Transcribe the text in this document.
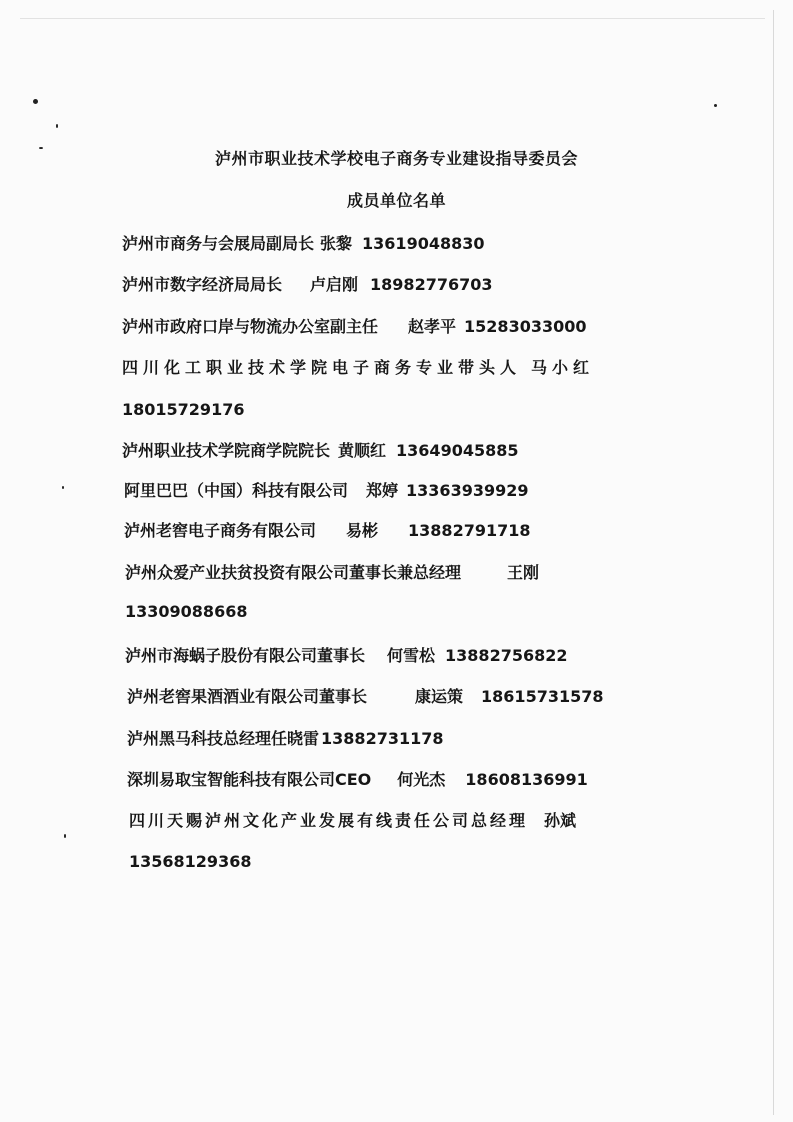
泸州市职业技术学校电子商务专业建设指导委员会
成员单位名单
泸州市商务与会展局副局长 张黎 13619048830
泸州市数字经济局局长 卢启刚 18982776703
泸州市政府口岸与物流办公室副主任 赵孝平 15283033000
四川化工职业技术学院电子商务专业带头人 马小红
18015729176
泸州职业技术学院商学院院长 黄顺红 13649045885
阿里巴巴（中国）科技有限公司 郑婷 13363939929
泸州老窖电子商务有限公司 易彬 13882791718
泸州众爱产业扶贫投资有限公司董事长兼总经理	王刚
13309088668
泸州市海蜗子股份有限公司董事长 何雪松 13882756822
泸州老窖果酒酒业有限公司董事长	康运策 18615731578
泸州黑马科技总经理任晓雷 13882731178
深圳易取宝智能科技有限公司CEO 何光杰 18608136991
四川天赐泸州文化产业发展有线责任公司总经理 孙斌
13568129368
